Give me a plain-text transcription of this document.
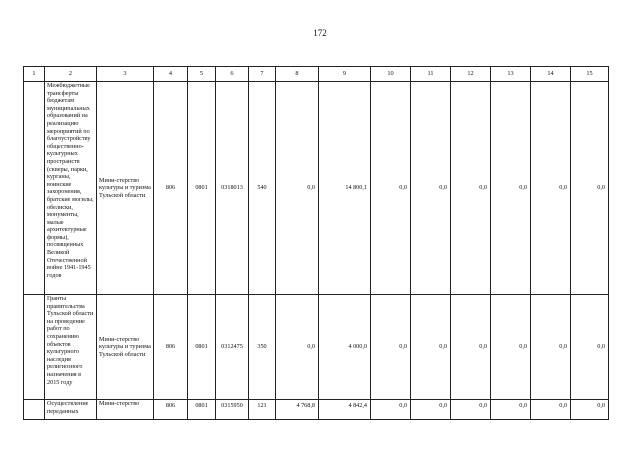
172
1	2	3	4	5	6	7	8	9	10	11	12	13	14	15
	Межбюджетные трансферты бюджетам муниципальных образований на реализацию мероприятий по благоустройству общественно-культурных пространств (скверы, парки, курганы, воинские захоронения, братские могилы, обелиски, монументы, малые архитектурные формы), посвященных Великой Отечественной войне 1941-1945 годов	Мини-стерство культуры и туризма Тульской области	806	0801	0318013	540	0,0	14 800,1	0,0	0,0	0,0	0,0	0,0	0,0
	Гранты правительства Тульской области на проведение работ по сохранению объектов культурного наследия религиозного назначения в 2015 году	Мини-стерство культуры и туризма Тульской области	806	0801	0312475	350	0,0	4 000,0	0,0	0,0	0,0	0,0	0,0	0,0
	Осуществление переданных	Мини-стерство	806	0801	0315950	121	4 768,8	4 842,4	0,0	0,0	0,0	0,0	0,0	0,0
